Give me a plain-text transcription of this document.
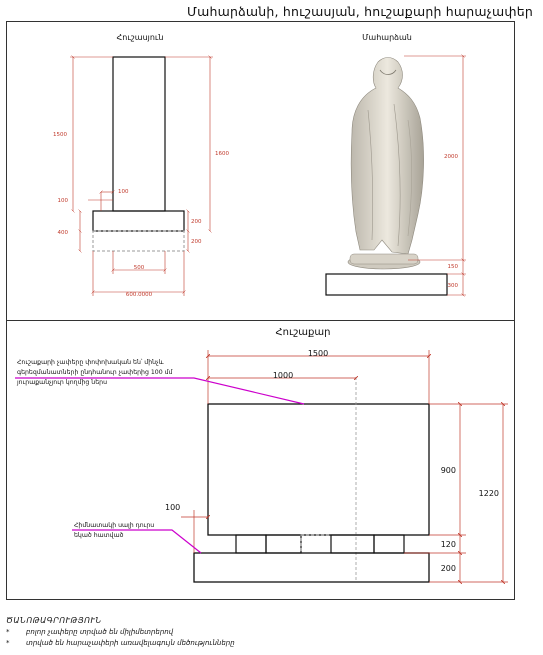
Մահարձանի, հուշասյան, հուշաքարի հարաչափեր
Հուշասյուն
1500
1600
100
100
400
200
200
500
600.0000
Մահարձան
2000
150
300
Հուշաքար
1500
1000
900
1220
100
120
200
Հուշաքարի չափերը փոփոխական են՝ մինչև գերեզմանատների ընդհանուր չափերից 100 մմ յուրաքանչյուր կողմից ներս
Հիմնատակի սալի դուրս եկած հատված
ԾԱՆՈԹԱԳՐՈՒԹՅՈՒՆ
*	բոլոր չափերը տրված են միլիմետրերով
*	տրված են հարաչափերի առավելագույն մեծությունները
